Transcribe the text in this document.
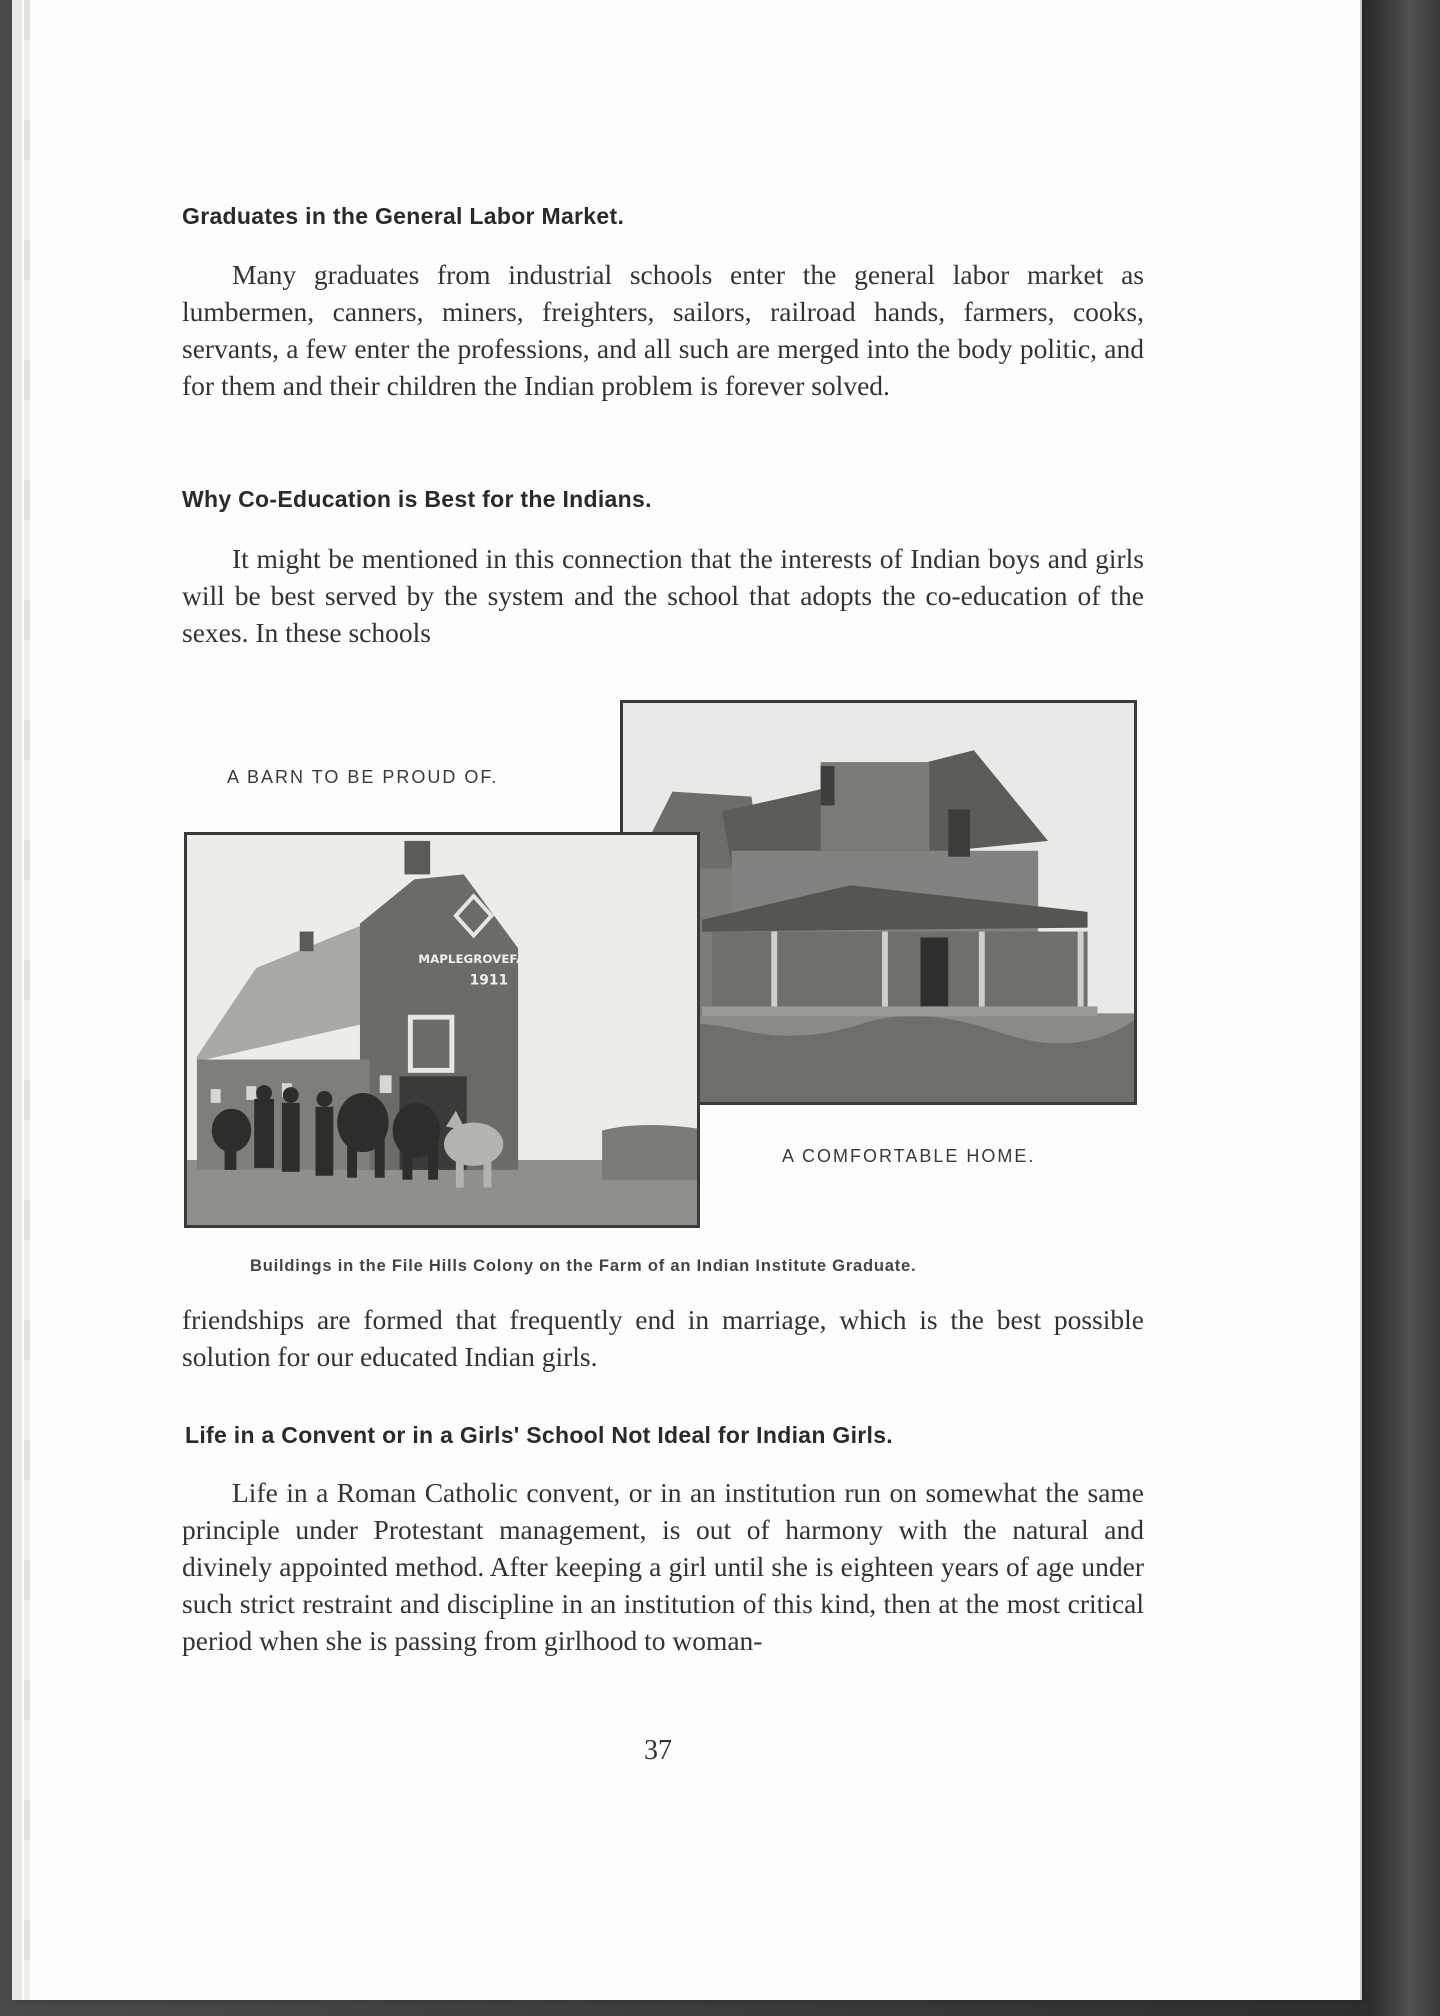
Graduates in the General Labor Market.

Many graduates from industrial schools enter the general labor market as lumbermen, canners, miners, freighters, sailors, railroad hands, farmers, cooks, servants, a few enter the professions, and all such are merged into the body politic, and for them and their children the Indian problem is forever solved.

Why Co-Education is Best for the Indians.

It might be mentioned in this connection that the interests of Indian boys and girls will be best served by the system and the school that adopts the co-education of the sexes. In these schools

A BARN TO BE PROUD OF.

MAPLEGROVEFARM
1911

A COMFORTABLE HOME.

Buildings in the File Hills Colony on the Farm of an Indian Institute Graduate.

friendships are formed that frequently end in marriage, which is the best possible solution for our educated Indian girls.

Life in a Convent or in a Girls' School Not Ideal for Indian Girls.

Life in a Roman Catholic convent, or in an institution run on somewhat the same principle under Protestant management, is out of harmony with the natural and divinely appointed method. After keeping a girl until she is eighteen years of age under such strict restraint and discipline in an institution of this kind, then at the most critical period when she is passing from girlhood to woman-

37
